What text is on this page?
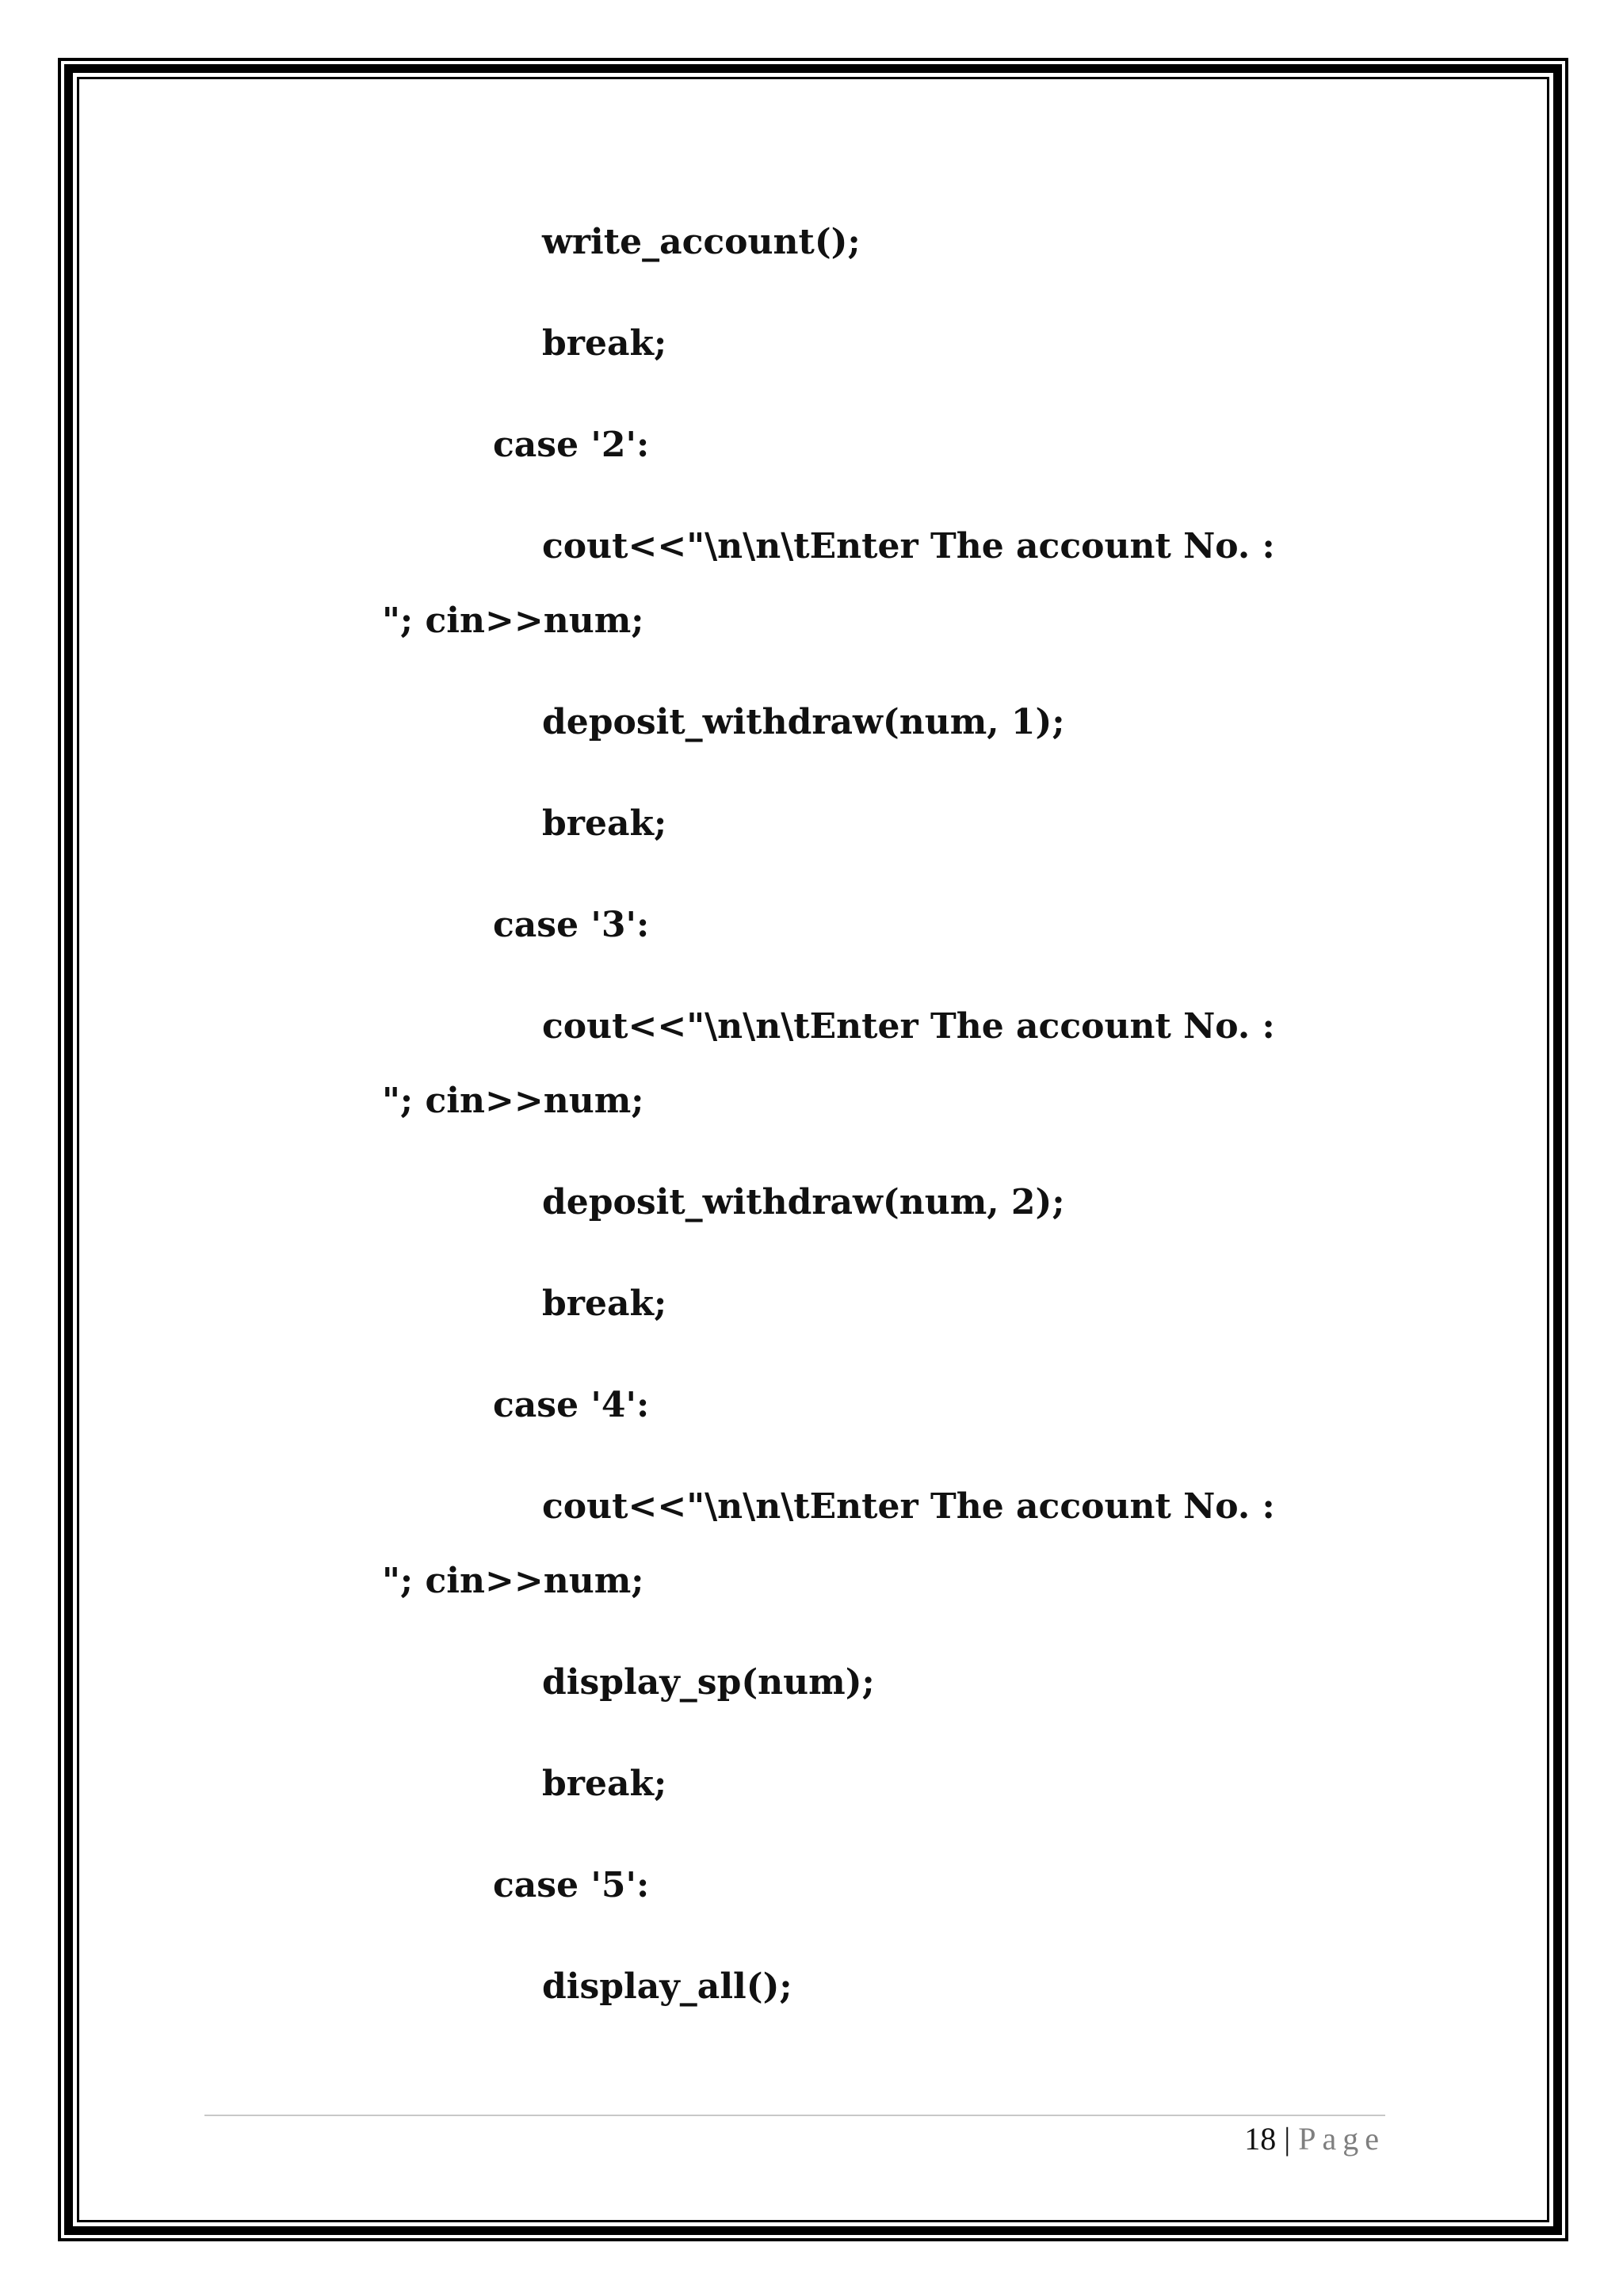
write_account();

break;

case '2':

cout<<"\n\n\tEnter The account No. :

"; cin>>num;

deposit_withdraw(num, 1);

break;

case '3':

cout<<"\n\n\tEnter The account No. :

"; cin>>num;

deposit_withdraw(num, 2);

break;

case '4':

cout<<"\n\n\tEnter The account No. :

"; cin>>num;

display_sp(num);

break;

case '5':

display_all();

18 | Page
